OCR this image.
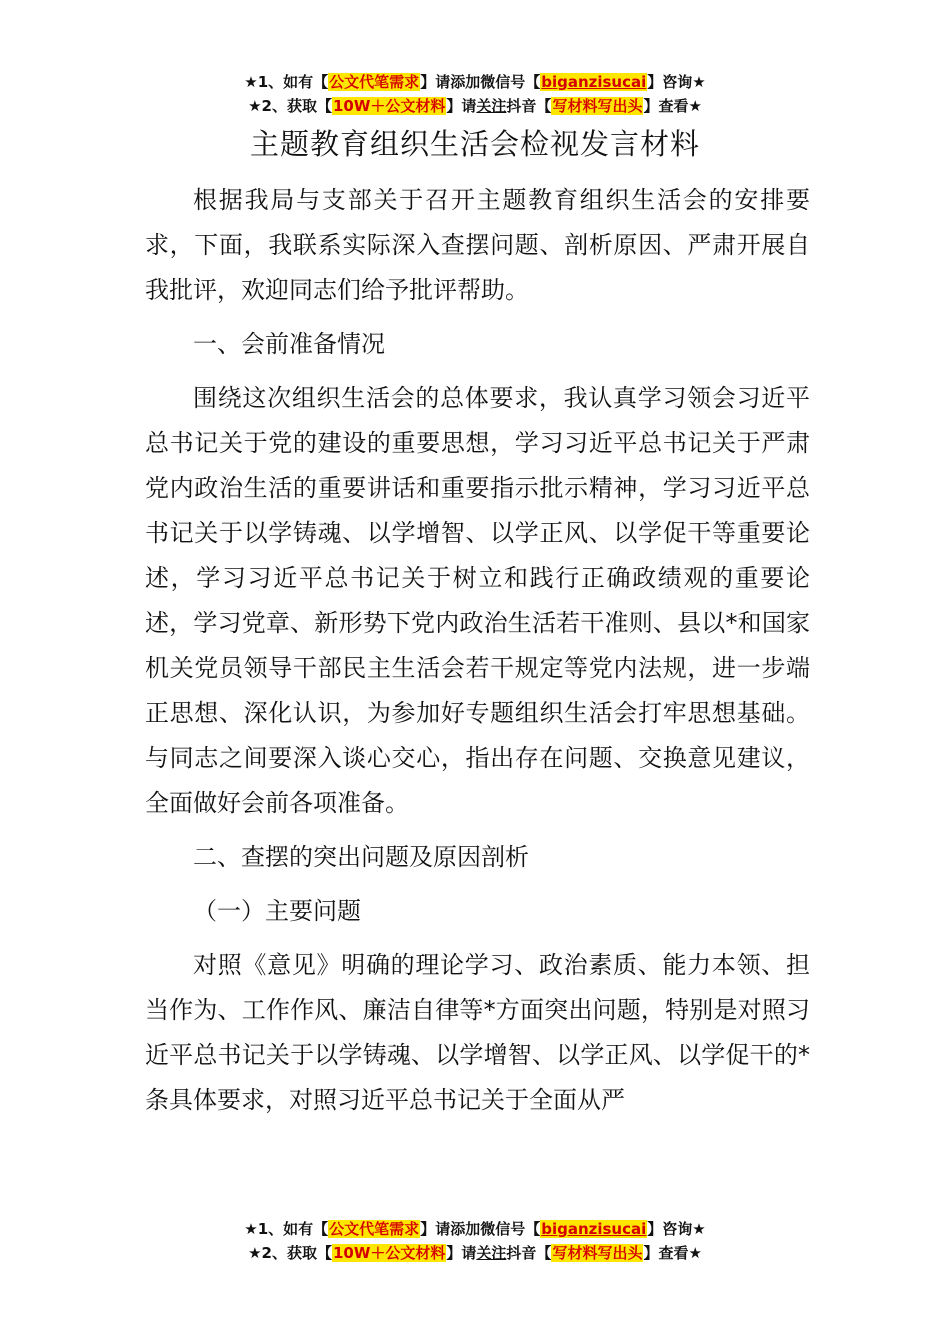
★1、如有【公文代笔需求】请添加微信号【biganzisucai】咨询★
★2、获取【10W＋公文材料】请关注抖音【写材料写出头】查看★
主题教育组织生活会检视发言材料

根据我局与支部关于召开主题教育组织生活会的安排要求，下面，我联系实际深入查摆问题、剖析原因、严肃开展自我批评，欢迎同志们给予批评帮助。

一、会前准备情况

围绕这次组织生活会的总体要求，我认真学习领会习近平总书记关于党的建设的重要思想，学习习近平总书记关于严肃党内政治生活的重要讲话和重要指示批示精神，学习习近平总书记关于以学铸魂、以学增智、以学正风、以学促干等重要论述，学习习近平总书记关于树立和践行正确政绩观的重要论述，学习党章、新形势下党内政治生活若干准则、县以*和国家机关党员领导干部民主生活会若干规定等党内法规，进一步端正思想、深化认识，为参加好专题组织生活会打牢思想基础。与同志之间要深入谈心交心，指出存在问题、交换意见建议，全面做好会前各项准备。

二、查摆的突出问题及原因剖析

（一）主要问题

对照《意见》明确的理论学习、政治素质、能力本领、担当作为、工作作风、廉洁自律等*方面突出问题，特别是对照习近平总书记关于以学铸魂、以学增智、以学正风、以学促干的*条具体要求，对照习近平总书记关于全面从严

★1、如有【公文代笔需求】请添加微信号【biganzisucai】咨询★
★2、获取【10W＋公文材料】请关注抖音【写材料写出头】查看★
